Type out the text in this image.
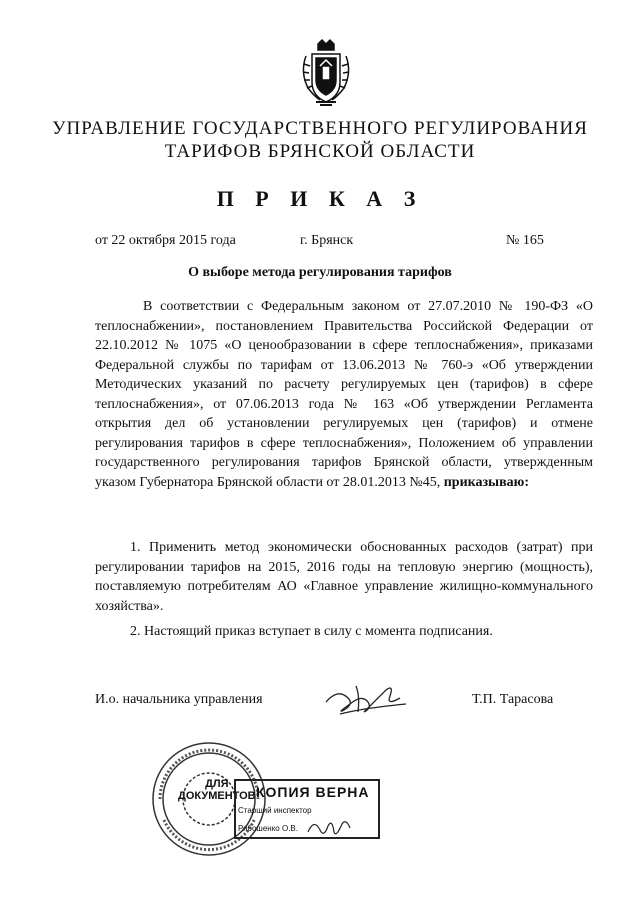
УПРАВЛЕНИЕ ГОСУДАРСТВЕННОГО РЕГУЛИРОВАНИЯ
ТАРИФОВ БРЯНСКОЙ ОБЛАСТИ
П Р И К А З
от 22 октября 2015 года	г. Брянск	№ 165
О выборе метода регулирования тарифов
В соответствии с Федеральным законом от 27.07.2010 № 190-ФЗ «О теплоснабжении», постановлением Правительства Российской Федерации от 22.10.2012 № 1075 «О ценообразовании в сфере теплоснабжения», приказами Федеральной службы по тарифам от 13.06.2013 № 760-э «Об утверждении Методических указаний по расчету регулируемых цен (тарифов) в сфере теплоснабжения», от 07.06.2013 года № 163 «Об утверждении Регламента открытия дел об установлении регулируемых цен (тарифов) и отмене регулирования тарифов в сфере теплоснабжения», Положением об управлении государственного регулирования тарифов Брянской области, утвержденным указом Губернатора Брянской области от 28.01.2013 №45, приказываю:
1. Применить метод экономически обоснованных расходов (затрат) при регулировании тарифов на 2015, 2016 годы на тепловую энергию (мощность), поставляемую потребителям АО «Главное управление жилищно-коммунального хозяйства».
2. Настоящий приказ вступает в силу с момента подписания.
И.о. начальника управления	Т.П. Тарасова
ДЛЯ
ДОКУМЕНТОВ КОПИЯ ВЕРНА
Старший инспектор
Рябошенко О.В.
